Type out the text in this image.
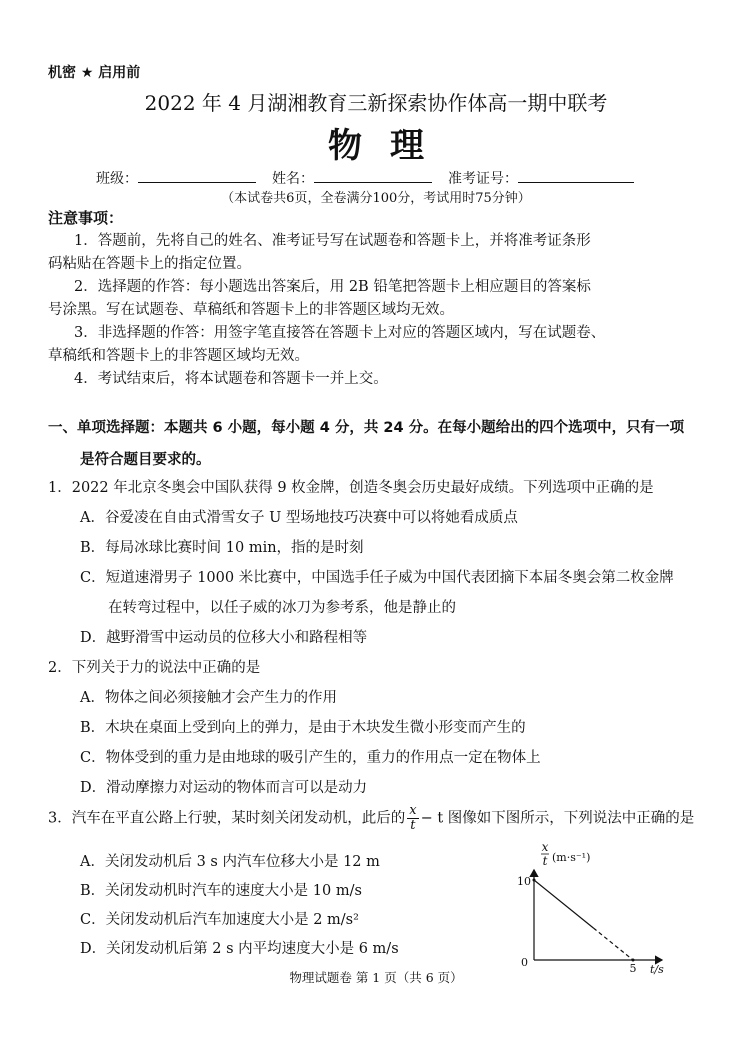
机密 ★ 启用前
2022 年 4 月湖湘教育三新探索协作体高一期中联考
物理
班级：	姓名：	准考证号：
（本试卷共6页，全卷满分100分，考试用时75分钟）
注意事项：
1．答题前，先将自己的姓名、准考证号写在试题卷和答题卡上，并将准考证条形
码粘贴在答题卡上的指定位置。
2．选择题的作答：每小题选出答案后，用 2B 铅笔把答题卡上相应题目的答案标
号涂黑。写在试题卷、草稿纸和答题卡上的非答题区域均无效。
3．非选择题的作答：用签字笔直接答在答题卡上对应的答题区域内，写在试题卷、
草稿纸和答题卡上的非答题区域均无效。
4．考试结束后，将本试题卷和答题卡一并上交。
一、单项选择题：本题共 6 小题，每小题 4 分，共 24 分。在每小题给出的四个选项中，只有一项
是符合题目要求的。
1．2022 年北京冬奥会中国队获得 9 枚金牌，创造冬奥会历史最好成绩。下列选项中正确的是
A．谷爱凌在自由式滑雪女子 U 型场地技巧决赛中可以将她看成质点
B．每局冰球比赛时间 10 min，指的是时刻
C．短道速滑男子 1000 米比赛中，中国选手任子威为中国代表团摘下本届冬奥会第二枚金牌
在转弯过程中，以任子威的冰刀为参考系，他是静止的
D．越野滑雪中运动员的位移大小和路程相等
2．下列关于力的说法中正确的是
A．物体之间必须接触才会产生力的作用
B．木块在桌面上受到向上的弹力，是由于木块发生微小形变而产生的
C．物体受到的重力是由地球的吸引产生的，重力的作用点一定在物体上
D．滑动摩擦力对运动的物体而言可以是动力
3．汽车在平直公路上行驶，某时刻关闭发动机，此后的 $\frac{x}{t} - t$ 图像如下图所示，下列说法中正确的是
A．关闭发动机后 3 s 内汽车位移大小是 12 m
B．关闭发动机时汽车的速度大小是 10 m/s
C．关闭发动机后汽车加速度大小是 2 m/s²
D．关闭发动机后第 2 s 内平均速度大小是 6 m/s
x
t (m·s⁻¹)
10
0	5 t/s
物理试题卷 第 1 页（共 6 页）
